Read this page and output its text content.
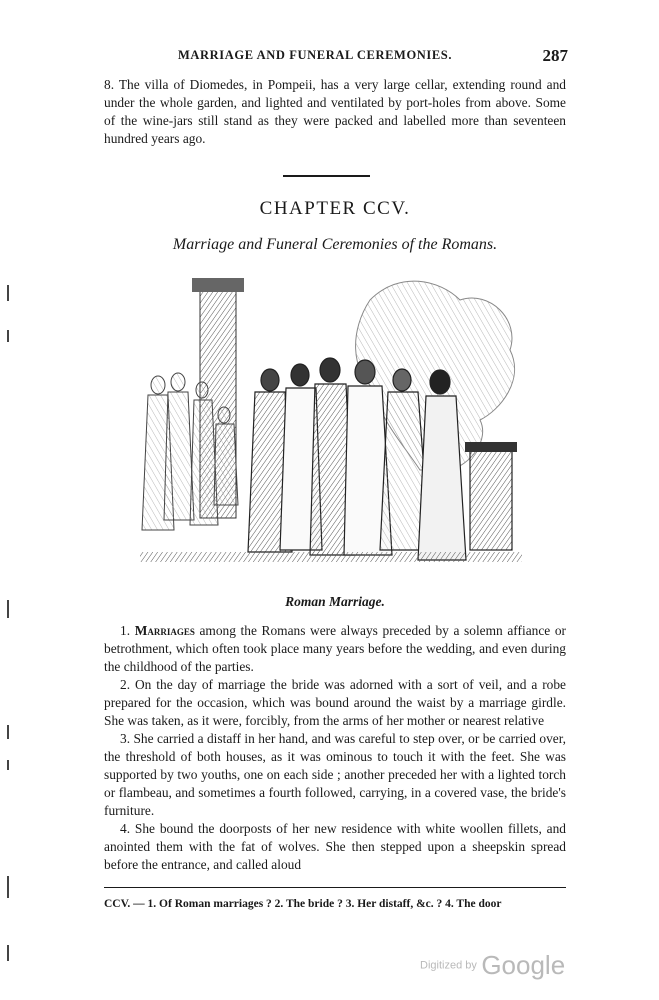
MARRIAGE AND FUNERAL CEREMONIES.	287
8. The villa of Diomedes, in Pompeii, has a very large cellar, extending round and under the whole garden, and lighted and ventilated by port-holes from above. Some of the wine-jars still stand as they were packed and labelled more than seventeen hundred years ago.
CHAPTER CCV.
Marriage and Funeral Ceremonies of the Romans.
Roman Marriage.

1. Marriages among the Romans were always preceded by a solemn affiance or betrothment, which often took place many years before the wedding, and even during the childhood of the parties.

2. On the day of marriage the bride was adorned with a sort of veil, and a robe prepared for the occasion, which was bound around the waist by a marriage girdle. She was taken, as it were, forcibly, from the arms of her mother or nearest relative

3. She carried a distaff in her hand, and was careful to step over, or be carried over, the threshold of both houses, as it was ominous to touch it with the feet. She was supported by two youths, one on each side ; another preceded her with a lighted torch or flambeau, and sometimes a fourth followed, carrying, in a covered vase, the bride's furniture.

4. She bound the doorposts of her new residence with white woollen fillets, and anointed them with the fat of wolves. She then stepped upon a sheepskin spread before the entrance, and called aloud

CCV. — 1. Of Roman marriages ? 2. The bride ? 3. Her distaff, &c. ? 4. The door
Digitized by Google
